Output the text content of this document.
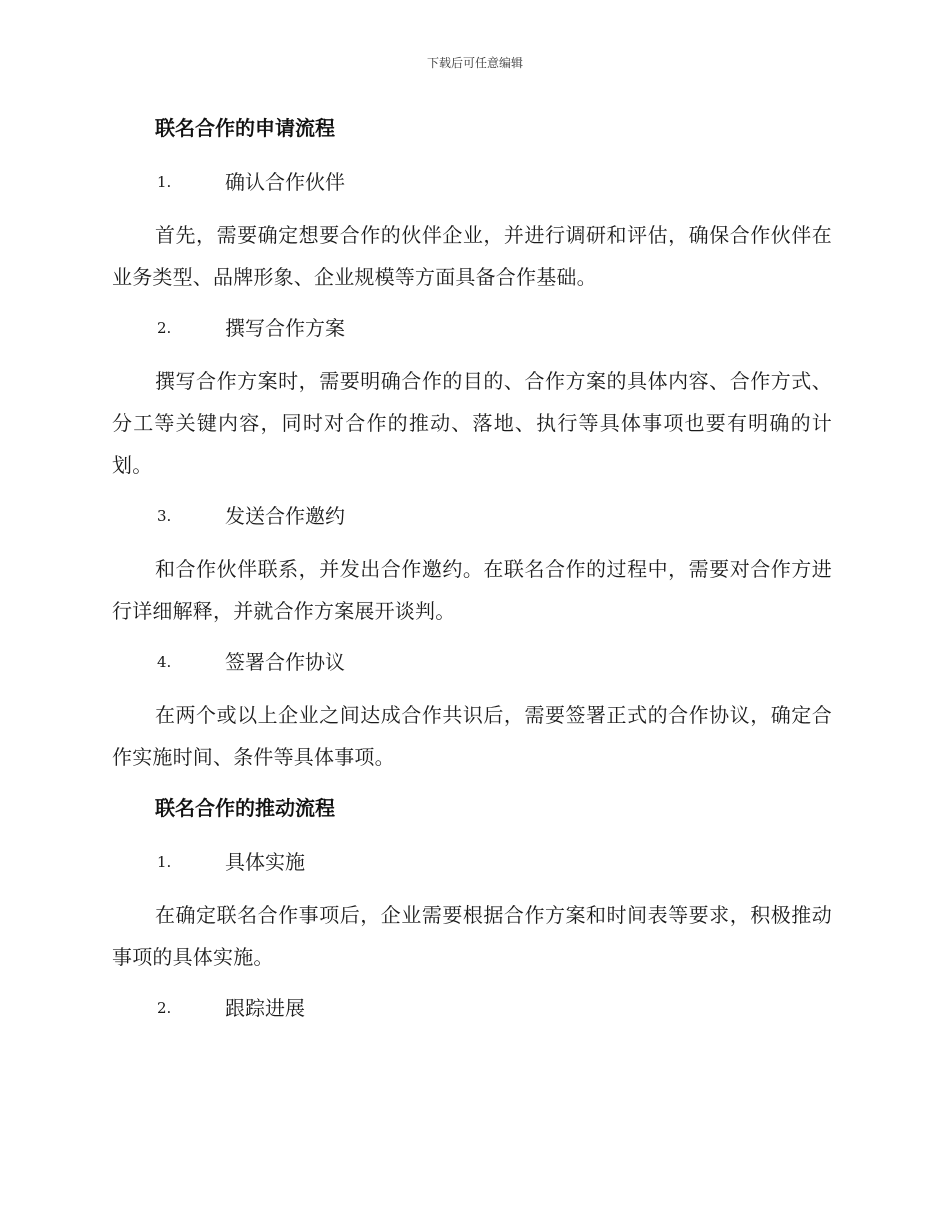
下载后可任意编辑
联名合作的申请流程
1.	确认合作伙伴

首先，需要确定想要合作的伙伴企业，并进行调研和评估，确保合作伙伴在业务类型、品牌形象、企业规模等方面具备合作基础。

2.	撰写合作方案

撰写合作方案时，需要明确合作的目的、合作方案的具体内容、合作方式、分工等关键内容，同时对合作的推动、落地、执行等具体事项也要有明确的计划。

3.	发送合作邀约

和合作伙伴联系，并发出合作邀约。在联名合作的过程中，需要对合作方进行详细解释，并就合作方案展开谈判。

4.	签署合作协议

在两个或以上企业之间达成合作共识后，需要签署正式的合作协议，确定合作实施时间、条件等具体事项。

联名合作的推动流程
1.	具体实施

在确定联名合作事项后，企业需要根据合作方案和时间表等要求，积极推动事项的具体实施。

2.	跟踪进展
